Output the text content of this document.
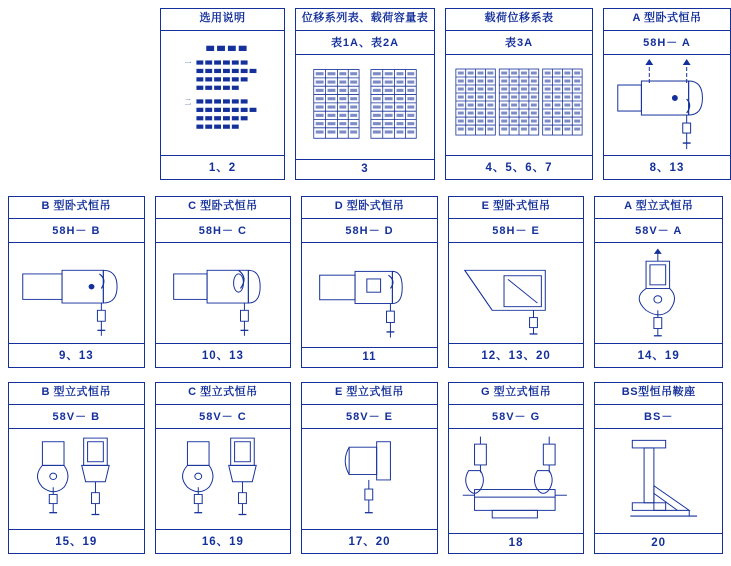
选用说明
一
二
1、2
位移系列表、载荷容量表
表1A、表2A
3
载荷位移系表
表3A
4、5、6、7
A 型卧式恒吊
58H－ A
8、13
B 型卧式恒吊
58H－ B
9、13
C 型卧式恒吊
58H－ C
10、13
D 型卧式恒吊
58H－ D
11
E 型卧式恒吊
58H－ E
12、13、20
A 型立式恒吊
58V－ A
14、19
B 型立式恒吊
58V－ B
15、19
C 型立式恒吊
58V－ C
16、19
E 型立式恒吊
58V－ E
17、20
G 型立式恒吊
58V－ G
18
BS型恒吊鞍座
BS－
20
